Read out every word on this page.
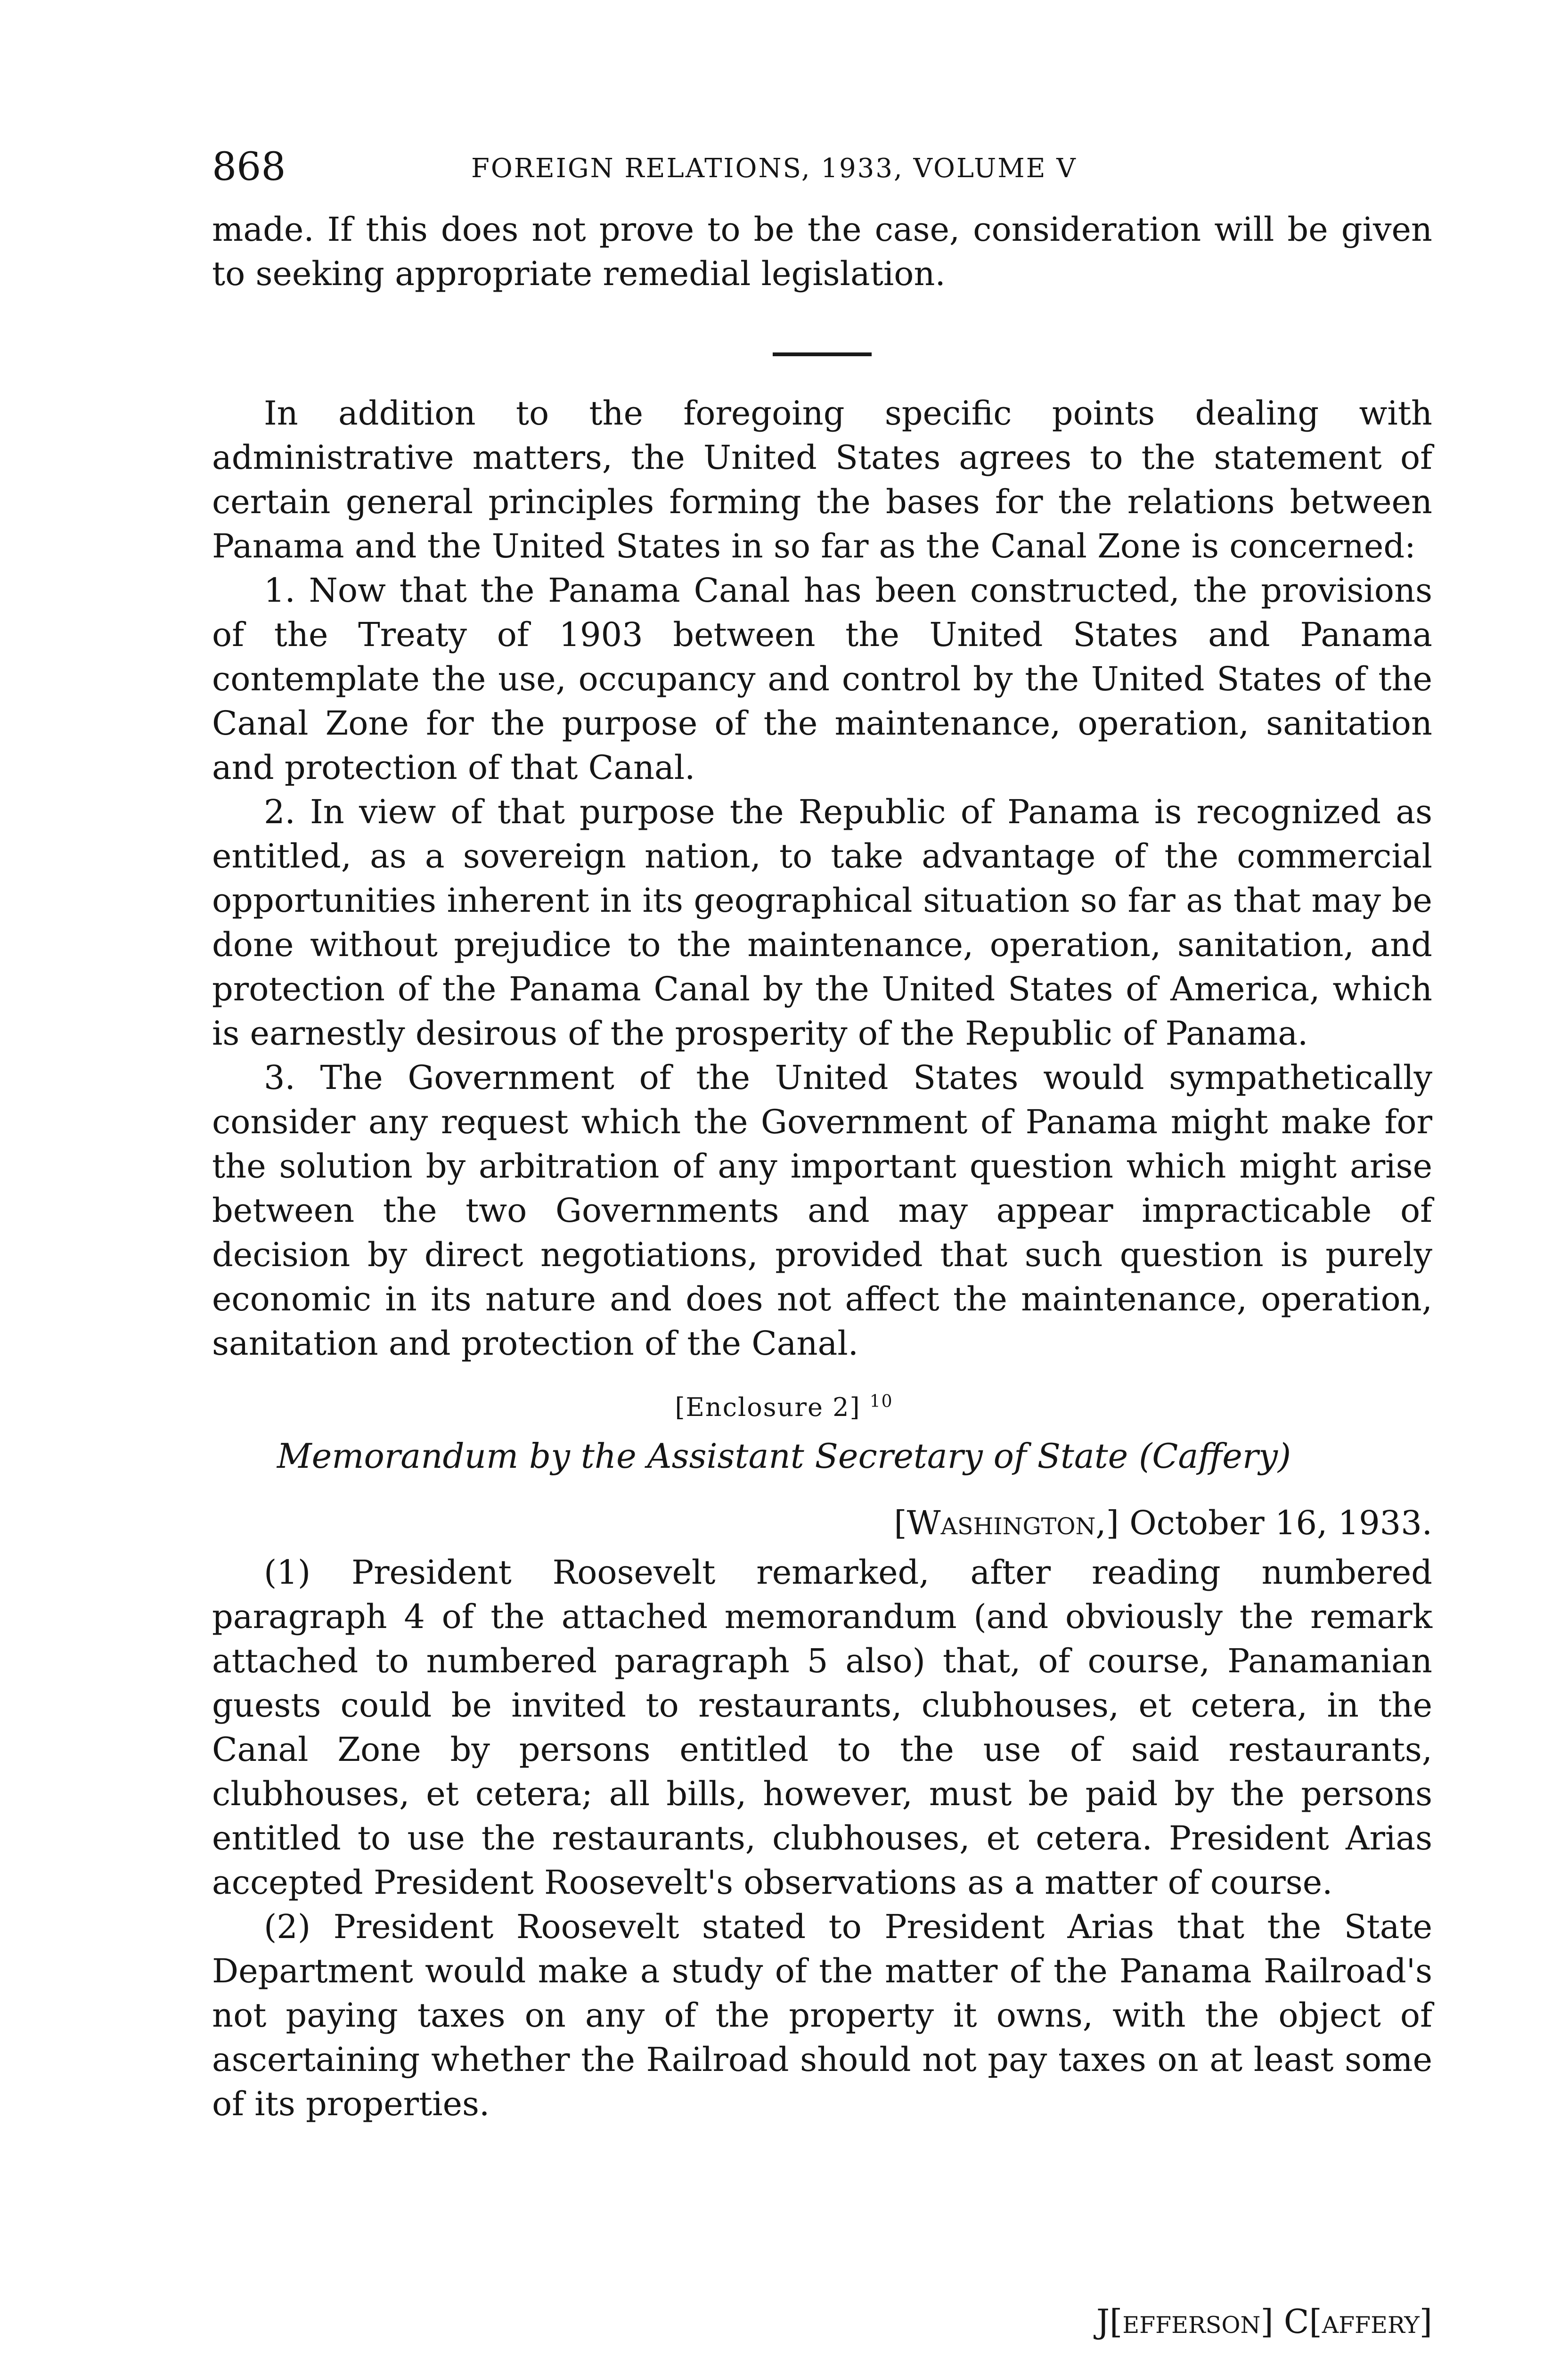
868	FOREIGN RELATIONS, 1933, VOLUME V

made. If this does not prove to be the case, consideration will be given to seeking appropriate remedial legislation.

In addition to the foregoing specific points dealing with administrative matters, the United States agrees to the statement of certain general principles forming the bases for the relations between Panama and the United States in so far as the Canal Zone is concerned:

1. Now that the Panama Canal has been constructed, the provisions of the Treaty of 1903 between the United States and Panama contemplate the use, occupancy and control by the United States of the Canal Zone for the purpose of the maintenance, operation, sanitation and protection of that Canal.

2. In view of that purpose the Republic of Panama is recognized as entitled, as a sovereign nation, to take advantage of the commercial opportunities inherent in its geographical situation so far as that may be done without prejudice to the maintenance, operation, sanitation, and protection of the Panama Canal by the United States of America, which is earnestly desirous of the prosperity of the Republic of Panama.

3. The Government of the United States would sympathetically consider any request which the Government of Panama might make for the solution by arbitration of any important question which might arise between the two Governments and may appear impracticable of decision by direct negotiations, provided that such question is purely economic in its nature and does not affect the maintenance, operation, sanitation and protection of the Canal.

[Enclosure 2] $^{10}$
Memorandum by the Assistant Secretary of State (Caffery)
[Washington,] October 16, 1933.

(1) President Roosevelt remarked, after reading numbered paragraph 4 of the attached memorandum (and obviously the remark attached to numbered paragraph 5 also) that, of course, Panamanian guests could be invited to restaurants, clubhouses, et cetera, in the Canal Zone by persons entitled to the use of said restaurants, clubhouses, et cetera; all bills, however, must be paid by the persons entitled to use the restaurants, clubhouses, et cetera. President Arias accepted President Roosevelt's observations as a matter of course.

(2) President Roosevelt stated to President Arias that the State Department would make a study of the matter of the Panama Railroad's not paying taxes on any of the property it owns, with the object of ascertaining whether the Railroad should not pay taxes on at least some of its properties.

J[efferson] C[affery]
